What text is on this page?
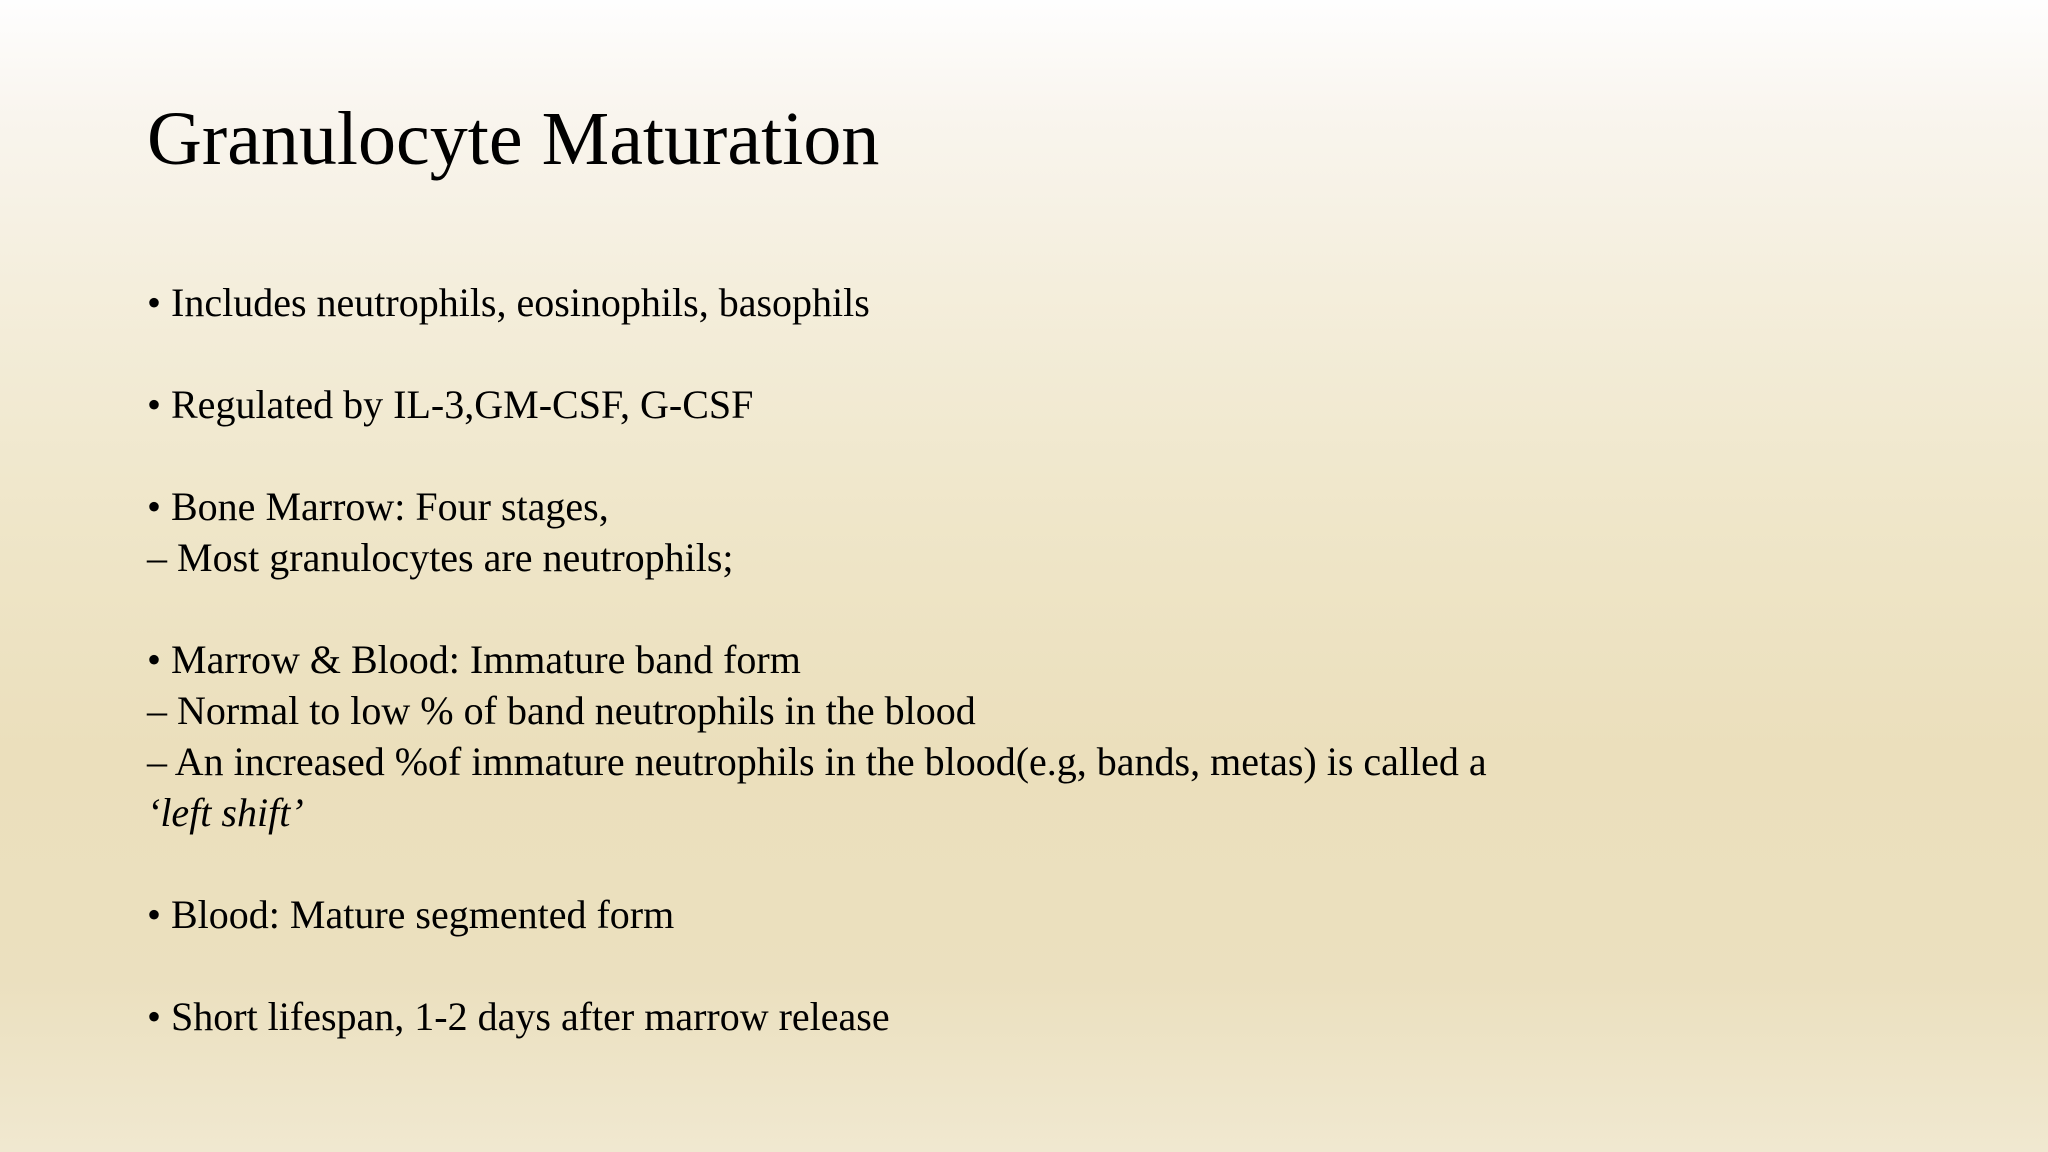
Granulocyte Maturation

• Includes neutrophils, eosinophils, basophils

• Regulated by IL-3,GM-CSF, G-CSF

• Bone Marrow: Four stages,

– Most granulocytes are neutrophils;

• Marrow & Blood: Immature band form

– Normal to low % of band neutrophils in the blood

– An increased %of immature neutrophils in the blood(e.g, bands, metas) is called a

‘left shift’

• Blood: Mature segmented form

• Short lifespan, 1-2 days after marrow release
